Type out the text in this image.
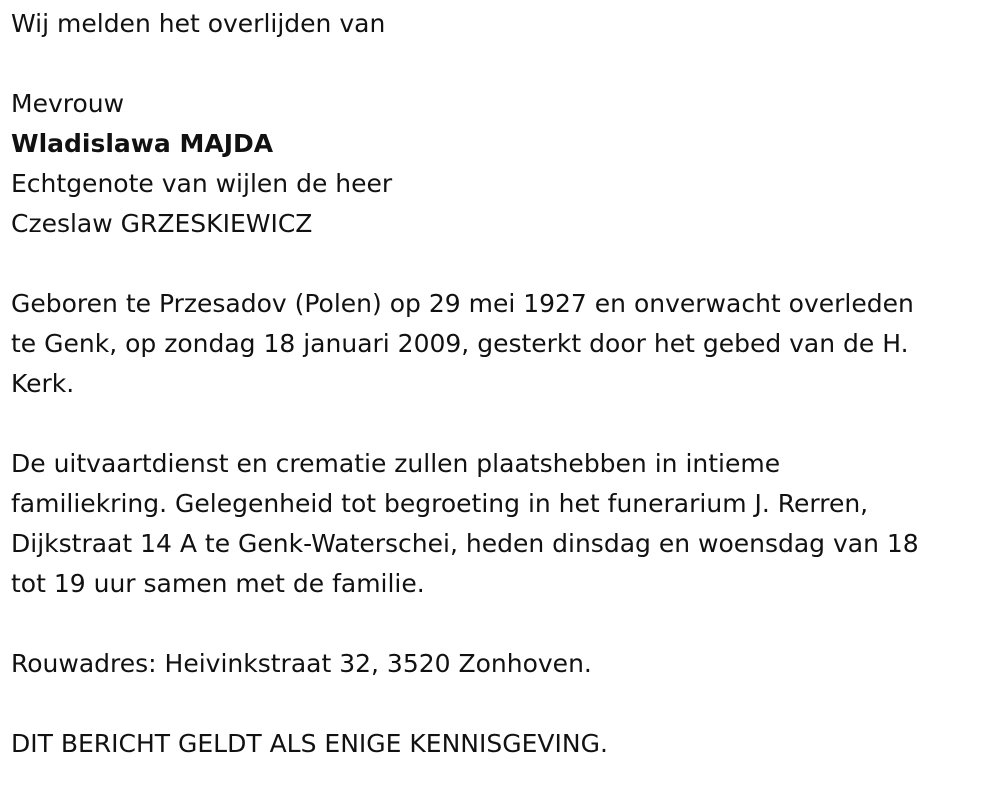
Wij melden het overlijden van
Mevrouw
Wladislawa MAJDA
Echtgenote van wijlen de heer
Czeslaw GRZESKIEWICZ
Geboren te Przesadov (Polen) op 29 mei 1927 en onverwacht overleden
te Genk, op zondag 18 januari 2009, gesterkt door het gebed van de H.
Kerk.
De uitvaartdienst en crematie zullen plaatshebben in intieme
familiekring. Gelegenheid tot begroeting in het funerarium J. Rerren,
Dijkstraat 14 A te Genk-Waterschei, heden dinsdag en woensdag van 18
tot 19 uur samen met de familie.
Rouwadres: Heivinkstraat 32, 3520 Zonhoven.
DIT BERICHT GELDT ALS ENIGE KENNISGEVING.
